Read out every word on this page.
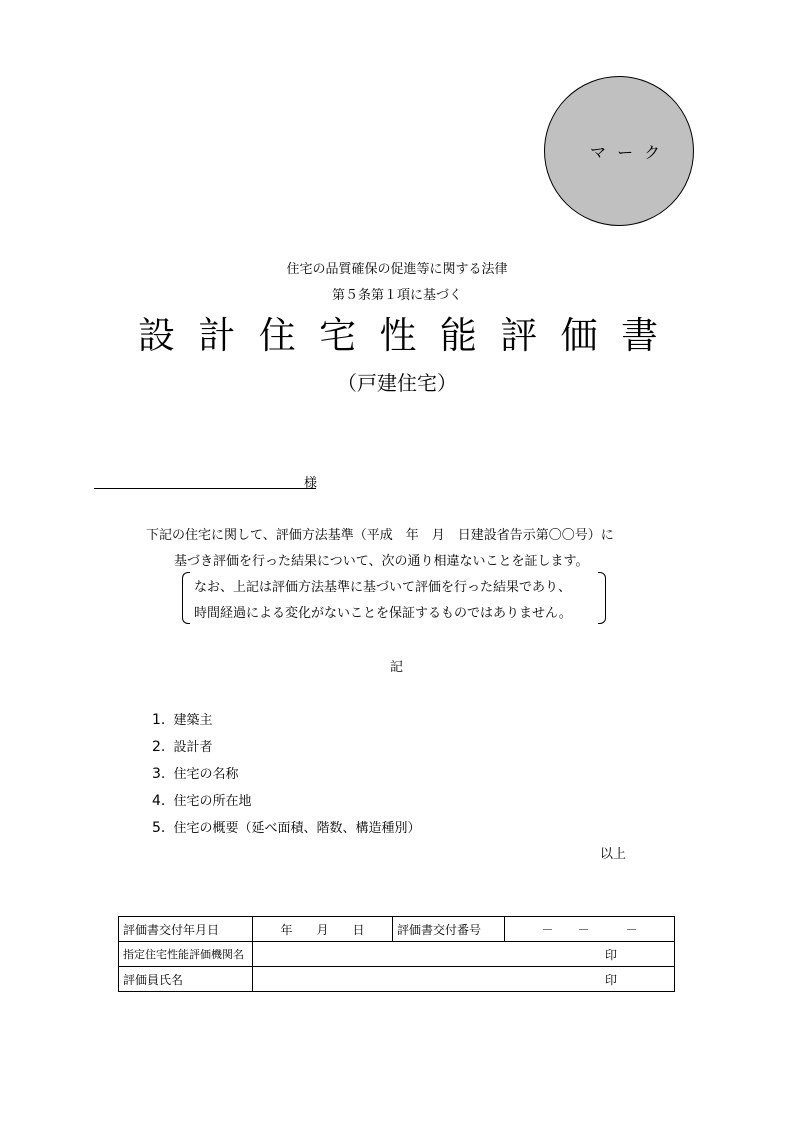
マ ー ク
住宅の品質確保の促進等に関する法律
第５条第１項に基づく
設 計 住 宅 性 能 評 価 書
（戸建住宅）
様
下記の住宅に関して、評価方法基準（平成　年　月　日建設省告示第〇〇号）に
基づき評価を行った結果について、次の通り相違ないことを証します。
なお、上記は評価方法基準に基づいて評価を行った結果であり、
時間経過による変化がないことを保証するものではありません。
記
1. 建築主
2. 設計者
3. 住宅の名称
4. 住宅の所在地
5. 住宅の概要（延べ面積、階数、構造種別）
以上
評価書交付年月日	年　　月　　日	評価書交付番号	－　　－　　　－
指定住宅性能評価機関名	印		

評価員氏名	印		
